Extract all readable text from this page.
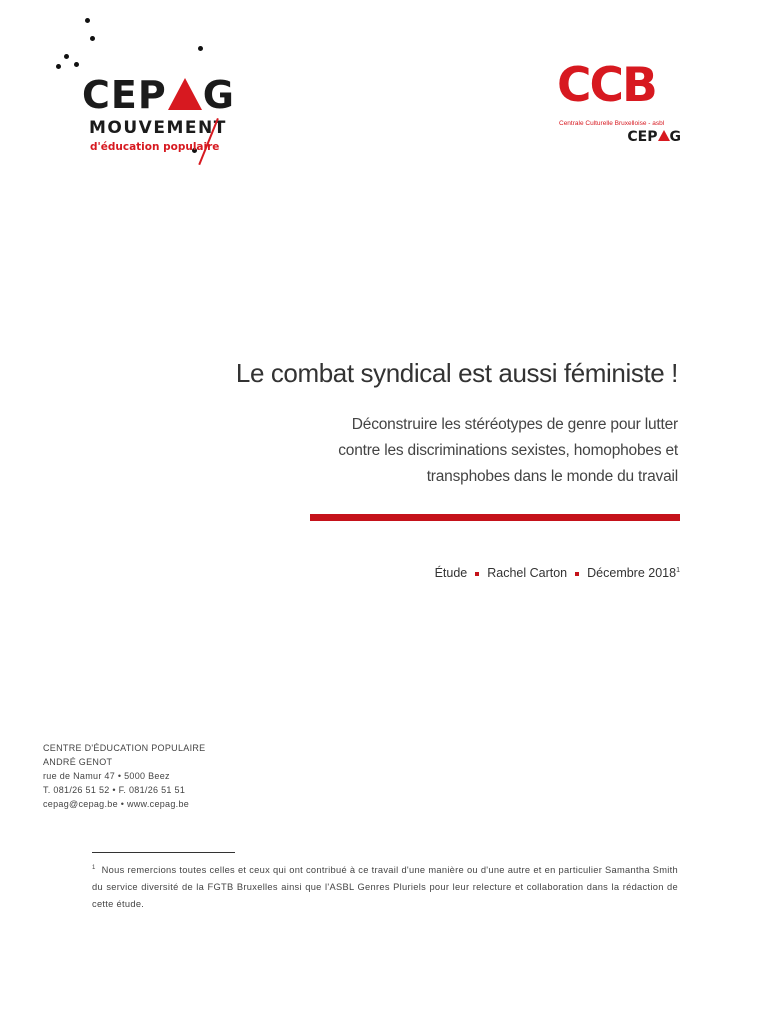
CEP G
MOUVEMENT
d'éducation populaire
CCB
Centrale Culturelle Bruxelloise - asbl
CEP G
Le combat syndical est aussi féministe !
Déconstruire les stéréotypes de genre pour lutter
contre les discriminations sexistes, homophobes et
transphobes dans le monde du travail
Étude Rachel Carton Décembre 2018$^1$
CENTRE D'ÉDUCATION POPULAIRE
ANDRÉ GENOT
rue de Namur 47 • 5000 Beez
T. 081/26 51 52 • F. 081/26 51 51
cepag@cepag.be • www.cepag.be
$^1$ Nous remercions toutes celles et ceux qui ont contribué à ce travail d'une manière ou d'une autre et en particulier Samantha Smith du service diversité de la FGTB Bruxelles ainsi que l'ASBL Genres Pluriels pour leur relecture et collaboration dans la rédaction de cette étude.
